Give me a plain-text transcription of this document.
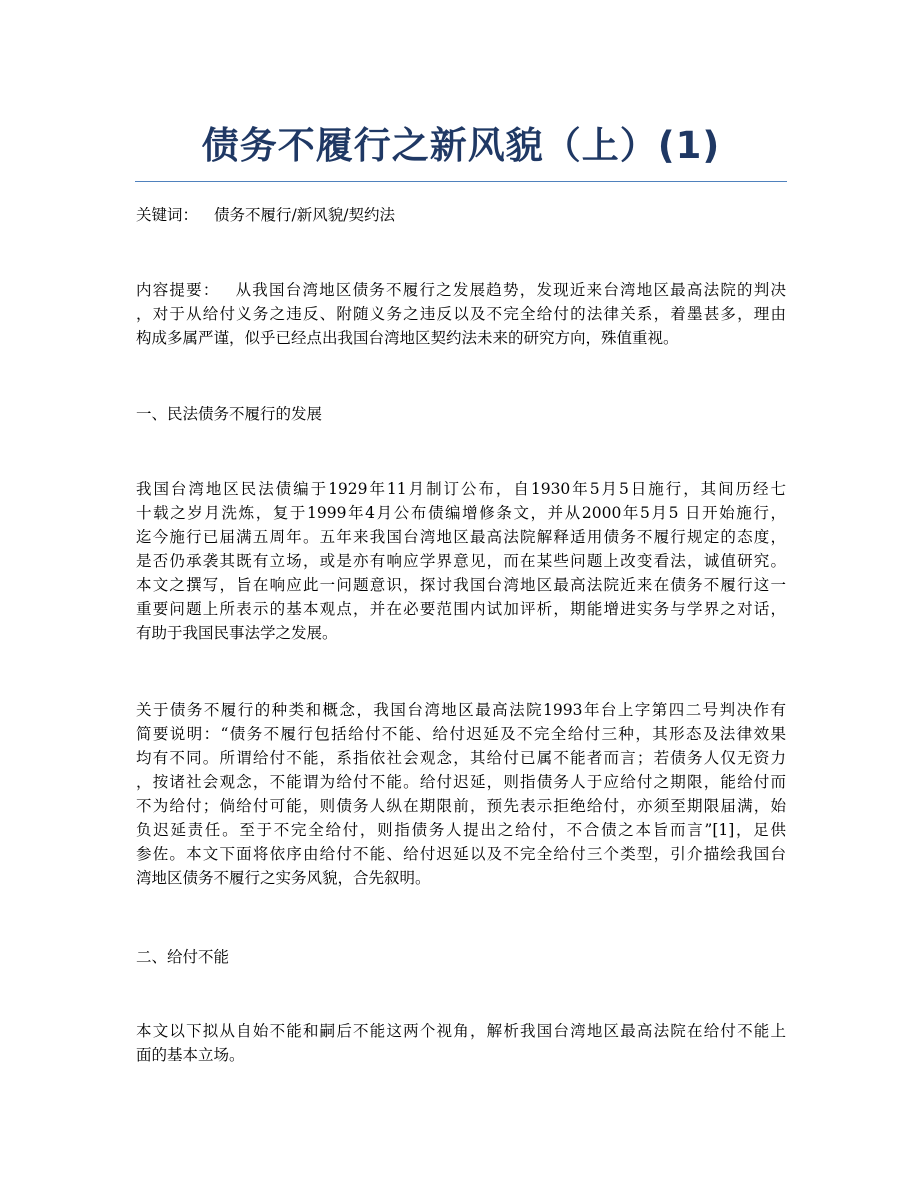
债务不履行之新风貌（上）(1)
关键词： 债务不履行/新风貌/契约法
内容提要： 从我国台湾地区债务不履行之发展趋势，发现近来台湾地区最高法院的判决
，对于从给付义务之违反、附随义务之违反以及不完全给付的法律关系，着墨甚多，理由
构成多属严谨，似乎已经点出我国台湾地区契约法未来的研究方向，殊值重视。
一、民法债务不履行的发展
我国台湾地区民法债编于1929年11月制订公布，自1930年5月5日施行，其间历经七
十载之岁月洗炼，复于1999年4月公布债编增修条文，并从2000年5月5 日开始施行，
迄今施行已届满五周年。五年来我国台湾地区最高法院解释适用债务不履行规定的态度，
是否仍承袭其既有立场，或是亦有响应学界意见，而在某些问题上改变看法，诚值研究。
本文之撰写，旨在响应此一问题意识，探讨我国台湾地区最高法院近来在债务不履行这一
重要问题上所表示的基本观点，并在必要范围内试加评析，期能增进实务与学界之对话，
有助于我国民事法学之发展。
关于债务不履行的种类和概念，我国台湾地区最高法院1993年台上字第四二号判决作有
简要说明：“债务不履行包括给付不能、给付迟延及不完全给付三种，其形态及法律效果
均有不同。所谓给付不能，系指依社会观念，其给付已属不能者而言；若债务人仅无资力
，按诸社会观念，不能谓为给付不能。给付迟延，则指债务人于应给付之期限，能给付而
不为给付；倘给付可能，则债务人纵在期限前，预先表示拒绝给付，亦须至期限届满，始
负迟延责任。至于不完全给付，则指债务人提出之给付，不合债之本旨而言”[1]，足供
参佐。本文下面将依序由给付不能、给付迟延以及不完全给付三个类型，引介描绘我国台
湾地区债务不履行之实务风貌，合先叙明。
二、给付不能
本文以下拟从自始不能和嗣后不能这两个视角，解析我国台湾地区最高法院在给付不能上
面的基本立场。
